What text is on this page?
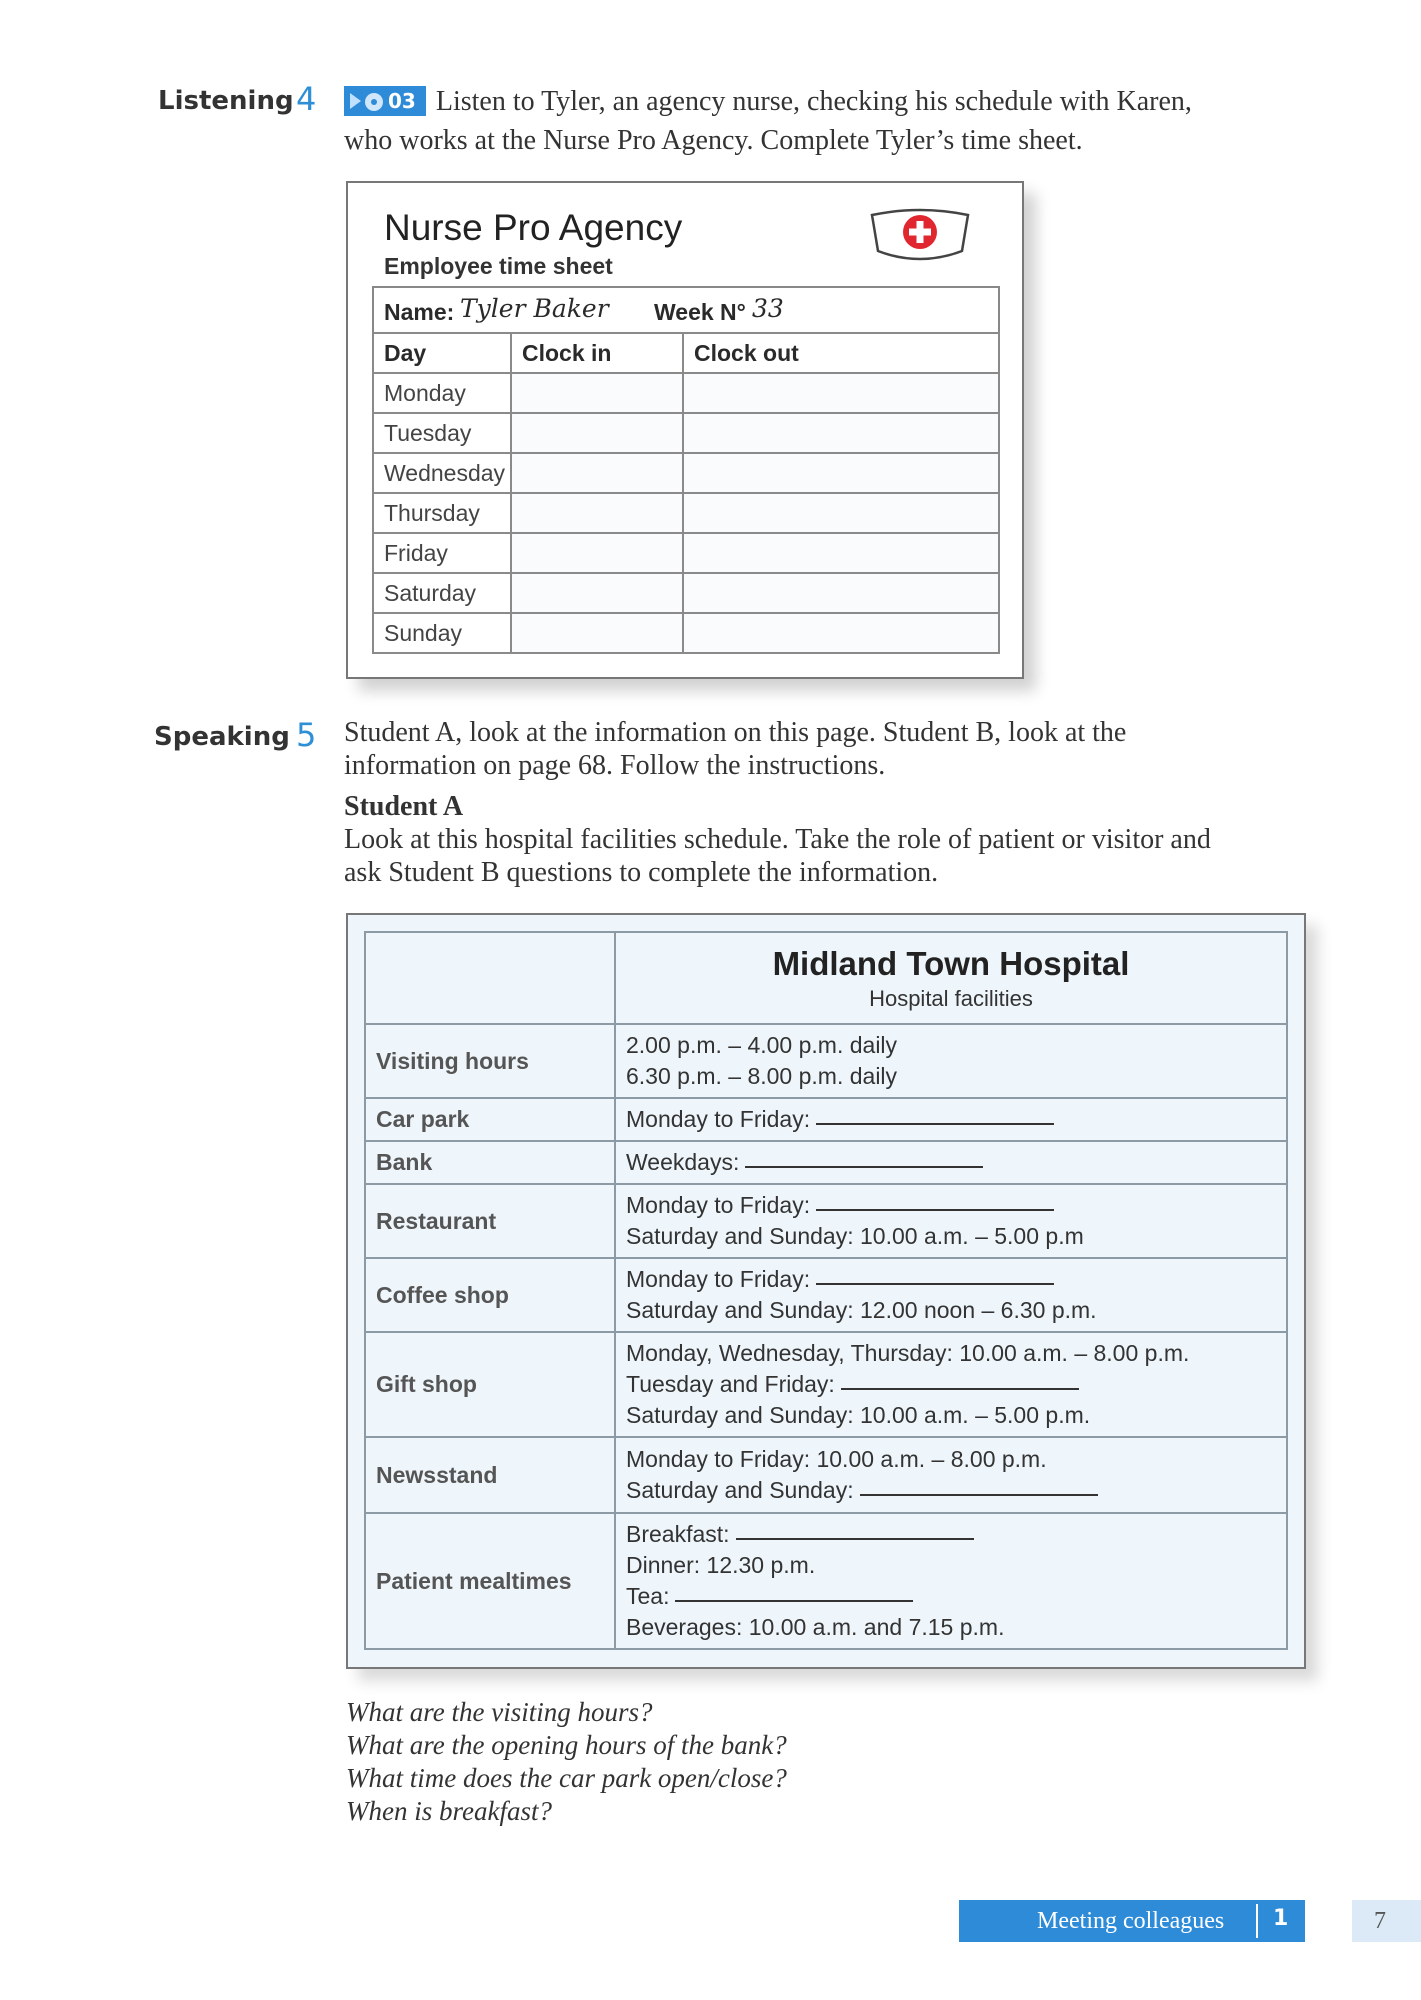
Listening 4	03 Listen to Tyler, an agency nurse, checking his schedule with Karen,
who works at the Nurse Pro Agency. Complete Tyler’s time sheet.
Nurse Pro Agency
Employee time sheet
Name: Tyler Baker Week N° 33
Day	Clock in	Clock out
Monday		
Tuesday		
Wednesday		
Thursday		
Friday		
Saturday		
Sunday		
Speaking 5 Student A, look at the information on this page. Student B, look at the
information on page 68. Follow the instructions.
Student A
Look at this hospital facilities schedule. Take the role of patient or visitor and
ask Student B questions to complete the information.

	Midland Town Hospital
Hospital facilities

Visiting hours	2.00 p.m. – 4.00 p.m. daily
6.30 p.m. – 8.00 p.m. daily

Car park	Monday to Friday:

Bank	Weekdays:

Restaurant	Monday to Friday:
Saturday and Sunday: 10.00 a.m. – 5.00 p.m

Coffee shop	Monday to Friday:
Saturday and Sunday: 12.00 noon – 6.30 p.m.

Gift shop	Monday, Wednesday, Thursday: 10.00 a.m. – 8.00 p.m.
Tuesday and Friday:
Saturday and Sunday: 10.00 a.m. – 5.00 p.m.

Newsstand	Monday to Friday: 10.00 a.m. – 8.00 p.m.
Saturday and Sunday:

Patient mealtimes	Breakfast:
Dinner: 12.30 p.m.
Tea:
Beverages: 10.00 a.m. and 7.15 p.m.
What are the visiting hours?
What are the opening hours of the bank?
What time does the car park open/close?
When is breakfast?
Meeting colleagues 1	7
